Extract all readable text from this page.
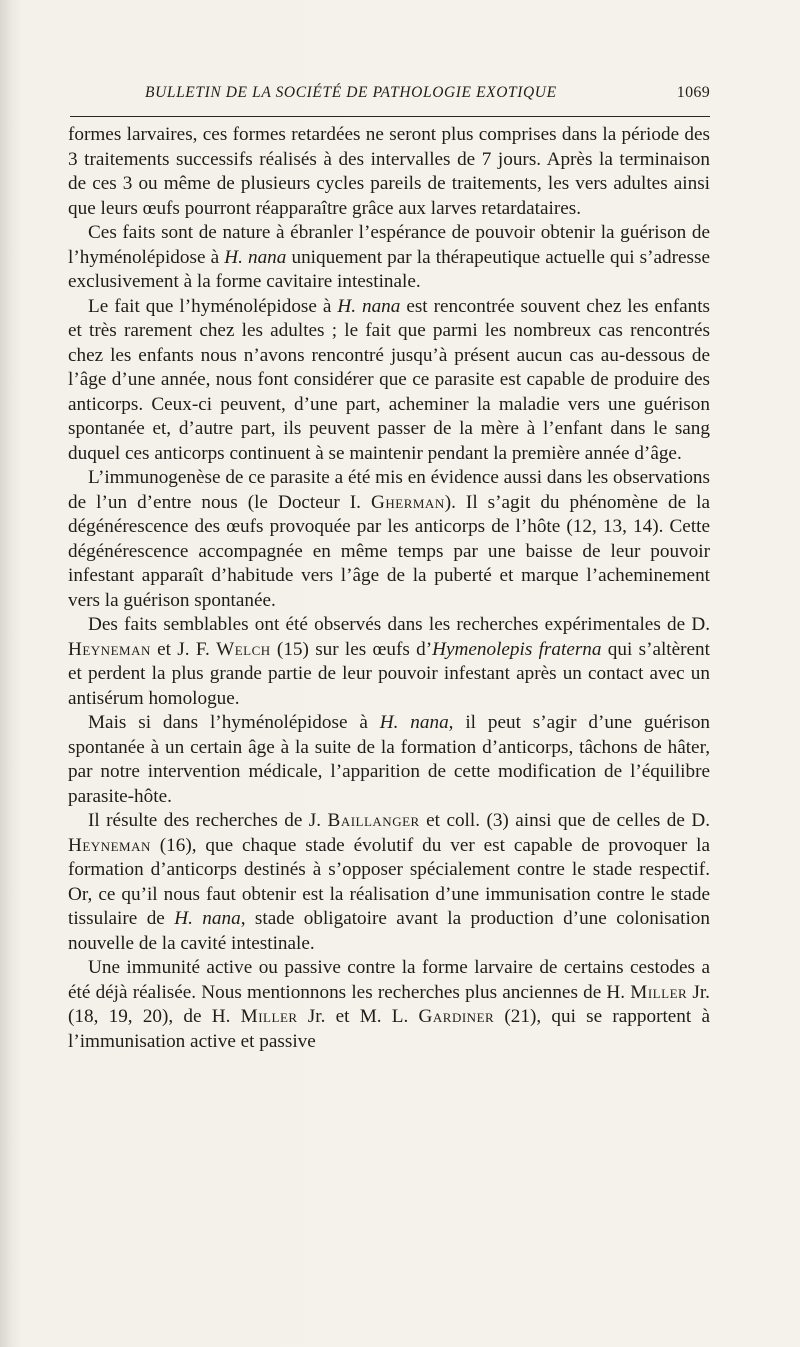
BULLETIN DE LA SOCIÉTÉ DE PATHOLOGIE EXOTIQUE	1069

formes larvaires, ces formes retardées ne seront plus comprises dans la période des 3 traitements successifs réalisés à des intervalles de 7 jours. Après la terminaison de ces 3 ou même de plusieurs cycles pareils de traitements, les vers adultes ainsi que leurs œufs pourront réapparaître grâce aux larves retardataires.

Ces faits sont de nature à ébranler l’espérance de pouvoir obtenir la guérison de l’hyménolépidose à H. nana uniquement par la thérapeutique actuelle qui s’adresse exclusivement à la forme cavitaire intestinale.

Le fait que l’hyménolépidose à H. nana est rencontrée souvent chez les enfants et très rarement chez les adultes ; le fait que parmi les nombreux cas rencontrés chez les enfants nous n’avons rencontré jusqu’à présent aucun cas au-dessous de l’âge d’une année, nous font considérer que ce parasite est capable de produire des anticorps. Ceux-ci peuvent, d’une part, acheminer la maladie vers une guérison spontanée et, d’autre part, ils peuvent passer de la mère à l’enfant dans le sang duquel ces anticorps continuent à se maintenir pendant la première année d’âge.

L’immunogenèse de ce parasite a été mis en évidence aussi dans les observations de l’un d’entre nous (le Docteur I. Gherman). Il s’agit du phénomène de la dégénérescence des œufs provoquée par les anticorps de l’hôte (12, 13, 14). Cette dégénérescence accompagnée en même temps par une baisse de leur pouvoir infestant apparaît d’habitude vers l’âge de la puberté et marque l’acheminement vers la guérison spontanée.

Des faits semblables ont été observés dans les recherches expérimentales de D. Heyneman et J. F. Welch (15) sur les œufs d’Hymenolepis fraterna qui s’altèrent et perdent la plus grande partie de leur pouvoir infestant après un contact avec un antisérum homologue.

Mais si dans l’hyménolépidose à H. nana, il peut s’agir d’une guérison spontanée à un certain âge à la suite de la formation d’anticorps, tâchons de hâter, par notre intervention médicale, l’apparition de cette modification de l’équilibre parasite-hôte.

Il résulte des recherches de J. Baillanger et coll. (3) ainsi que de celles de D. Heyneman (16), que chaque stade évolutif du ver est capable de provoquer la formation d’anticorps destinés à s’opposer spécialement contre le stade respectif. Or, ce qu’il nous faut obtenir est la réalisation d’une immunisation contre le stade tissulaire de H. nana, stade obligatoire avant la production d’une colonisation nouvelle de la cavité intestinale.

Une immunité active ou passive contre la forme larvaire de certains cestodes a été déjà réalisée. Nous mentionnons les recherches plus anciennes de H. Miller Jr. (18, 19, 20), de H. Miller Jr. et M. L. Gardiner (21), qui se rapportent à l’immunisation active et passive
